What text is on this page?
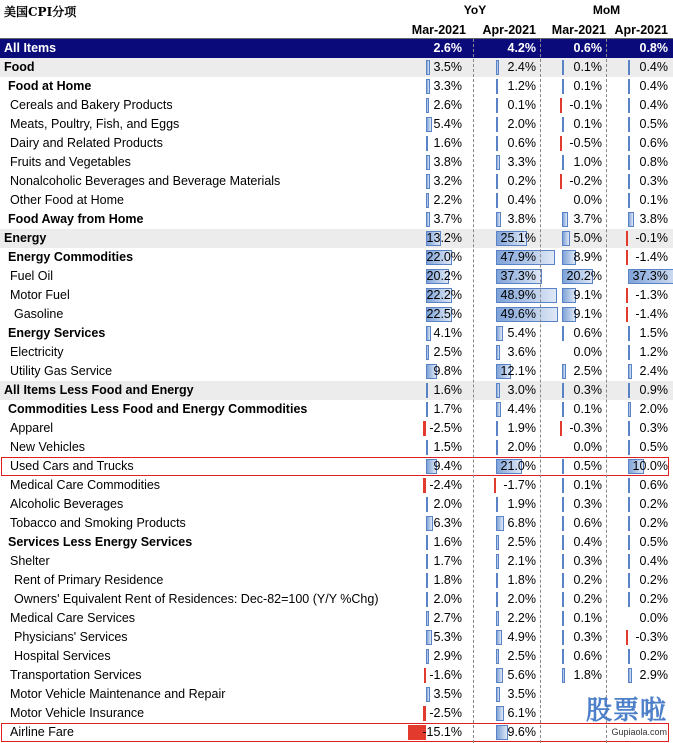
美国CPI分项	YoY	MoM
Mar-2021	Apr-2021	Mar-2021 Apr-2021
All Items	2.6%	4.2%	0.6%	0.8%
Food	3.5%	2.4%	0.1%	0.4%
Food at Home	3.3%	1.2%	0.1%	0.4%
Cereals and Bakery Products	2.6%	0.1%	-0.1%	0.4%
Meats, Poultry, Fish, and Eggs	5.4%	2.0%	0.1%	0.5%
Dairy and Related Products	1.6%	0.6%	-0.5%	0.6%
Fruits and Vegetables	3.8%	3.3%	1.0%	0.8%
Nonalcoholic Beverages and Beverage Materials	3.2%	0.2%	-0.2%	0.3%
Other Food at Home	2.2%	0.4%	0.0%	0.1%
Food Away from Home	3.7%	3.8%	3.7%	3.8%
Energy	13.2%	25.1%	5.0%	-0.1%
Energy Commodities	22.0%	47.9%	8.9%	-1.4%
Fuel Oil	20.2%	37.3%	20.2%	37.3%
Motor Fuel	22.2%	48.9%	9.1%	-1.3%
Gasoline	22.5%	49.6%	9.1%	-1.4%
Energy Services	4.1%	5.4%	0.6%	1.5%
Electricity	2.5%	3.6%	0.0%	1.2%
Utility Gas Service	9.8%	12.1%	2.5%	2.4%
All Items Less Food and Energy	1.6%	3.0%	0.3%	0.9%
Commodities Less Food and Energy Commodities	1.7%	4.4%	0.1%	2.0%
Apparel	-2.5%	1.9%	-0.3%	0.3%
New Vehicles	1.5%	2.0%	0.0%	0.5%
Used Cars and Trucks	9.4%	21.0%	0.5%	10.0%
Medical Care Commodities	-2.4%	-1.7%	0.1%	0.6%
Alcoholic Beverages	2.0%	1.9%	0.3%	0.2%
Tobacco and Smoking Products	6.3%	6.8%	0.6%	0.2%
Services Less Energy Services	1.6%	2.5%	0.4%	0.5%
Shelter	1.7%	2.1%	0.3%	0.4%
Rent of Primary Residence	1.8%	1.8%	0.2%	0.2%
Owners' Equivalent Rent of Residences: Dec-82=100 (Y/Y %Chg)	2.0%	2.0%	0.2%	0.2%
Medical Care Services	2.7%	2.2%	0.1%	0.0%
Physicians' Services	5.3%	4.9%	0.3%	-0.3%
Hospital Services	2.9%	2.5%	0.6%	0.2%
Transportation Services	-1.6%	5.6%	1.8%	2.9%
Motor Vehicle Maintenance and Repair	3.5%	3.5%
Motor Vehicle Insurance	-2.5%	6.1%
Airline Fare	-15.1%	9.6%
股票啦
Gupiaola.com
